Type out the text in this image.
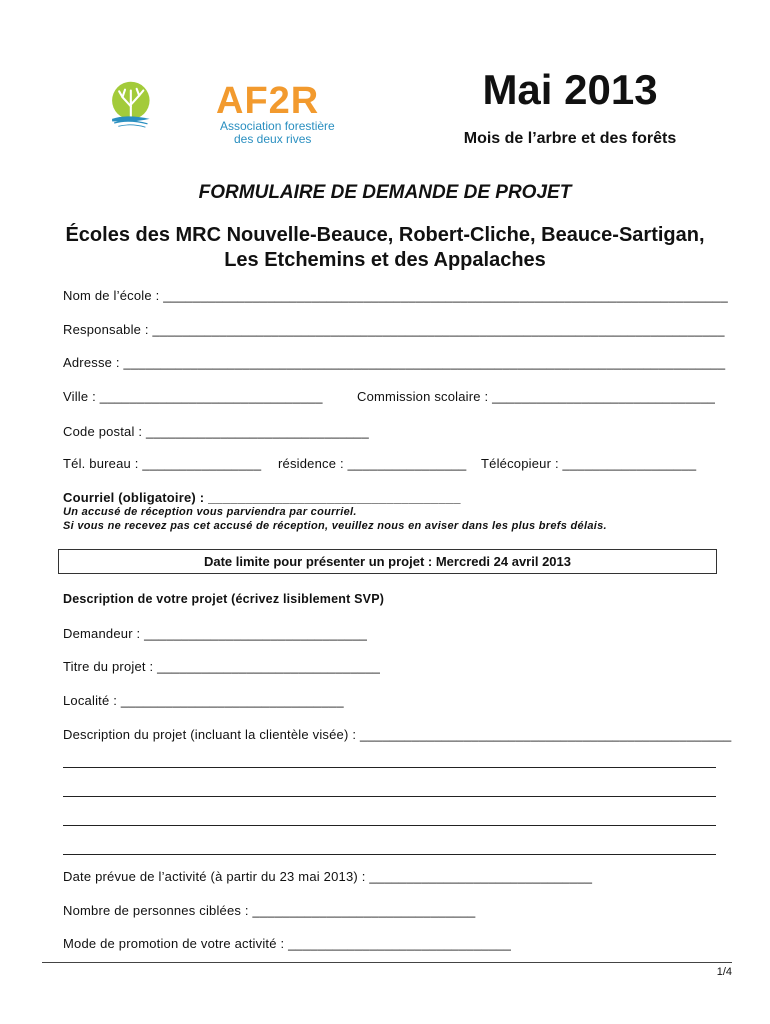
AF2R
Association forestière
des deux rives
Mai 2013
Mois de l’arbre et des forêts
FORMULAIRE DE DEMANDE DE PROJET
Écoles des MRC Nouvelle-Beauce, Robert-Cliche, Beauce-Sartigan,
Les Etchemins et des Appalaches
Nom de l’école : ____________________________________________________________________________
Responsable : _____________________________________________________________________________
Adresse : _________________________________________________________________________________
Ville : ______________________________	Commission scolaire : ______________________________
Code postal : ______________________________
Tél. bureau : ________________ résidence : ________________ Télécopieur : __________________
Courriel (obligatoire) : __________________________________
Un accusé de réception vous parviendra par courriel.
Si vous ne recevez pas cet accusé de réception, veuillez nous en aviser dans les plus brefs délais.
Date limite pour présenter un projet : Mercredi 24 avril 2013
Description de votre projet (écrivez lisiblement SVP)
Demandeur : ______________________________
Titre du projet : ______________________________
Localité : ______________________________
Description du projet (incluant la clientèle visée) : __________________________________________________
Date prévue de l’activité (à partir du 23 mai 2013) : ______________________________
Nombre de personnes ciblées : ______________________________
Mode de promotion de votre activité : ______________________________
1/4
